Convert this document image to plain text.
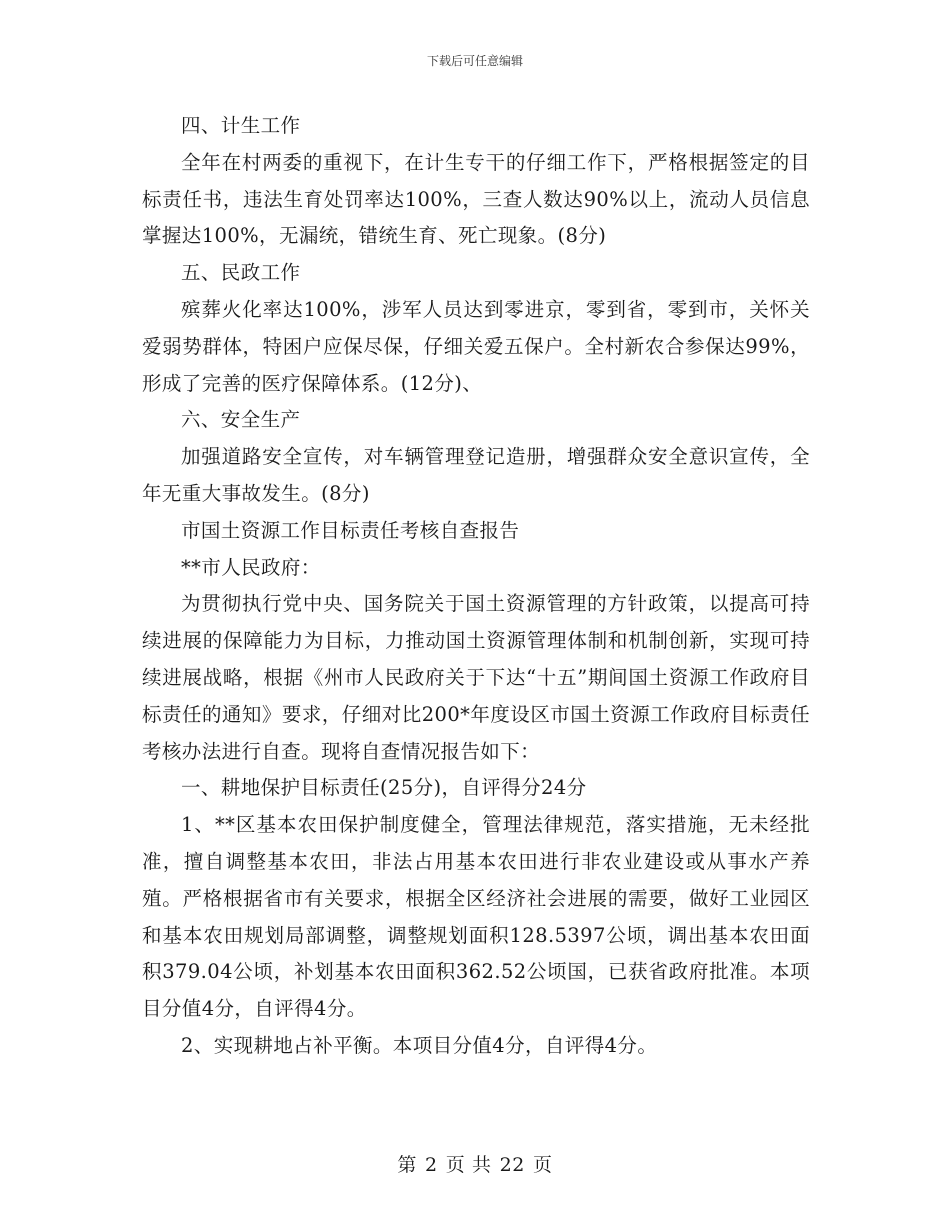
下载后可任意编辑

四、计生工作

全年在村两委的重视下，在计生专干的仔细工作下，严格根据签定的目标责任书，违法生育处罚率达100%，三查人数达90%以上，流动人员信息掌握达100%，无漏统，错统生育、死亡现象。(8分)

五、民政工作

殡葬火化率达100%，涉军人员达到零进京，零到省，零到市，关怀关爱弱势群体，特困户应保尽保，仔细关爱五保户。全村新农合参保达99%，形成了完善的医疗保障体系。(12分)、

六、安全生产

加强道路安全宣传，对车辆管理登记造册，增强群众安全意识宣传，全年无重大事故发生。(8分)

市国土资源工作目标责任考核自查报告

**市人民政府：

为贯彻执行党中央、国务院关于国土资源管理的方针政策，以提高可持续进展的保障能力为目标，力推动国土资源管理体制和机制创新，实现可持续进展战略，根据《州市人民政府关于下达“十五”期间国土资源工作政府目标责任的通知》要求，仔细对比200*年度设区市国土资源工作政府目标责任考核办法进行自查。现将自查情况报告如下：

一、耕地保护目标责任(25分)，自评得分24分

1、**区基本农田保护制度健全，管理法律规范，落实措施，无未经批准，擅自调整基本农田，非法占用基本农田进行非农业建设或从事水产养殖。严格根据省市有关要求，根据全区经济社会进展的需要，做好工业园区和基本农田规划局部调整，调整规划面积128.5397公顷，调出基本农田面积379.04公顷，补划基本农田面积362.52公顷国，已获省政府批准。本项目分值4分，自评得4分。

2、实现耕地占补平衡。本项目分值4分，自评得4分。

第 2 页 共 22 页
